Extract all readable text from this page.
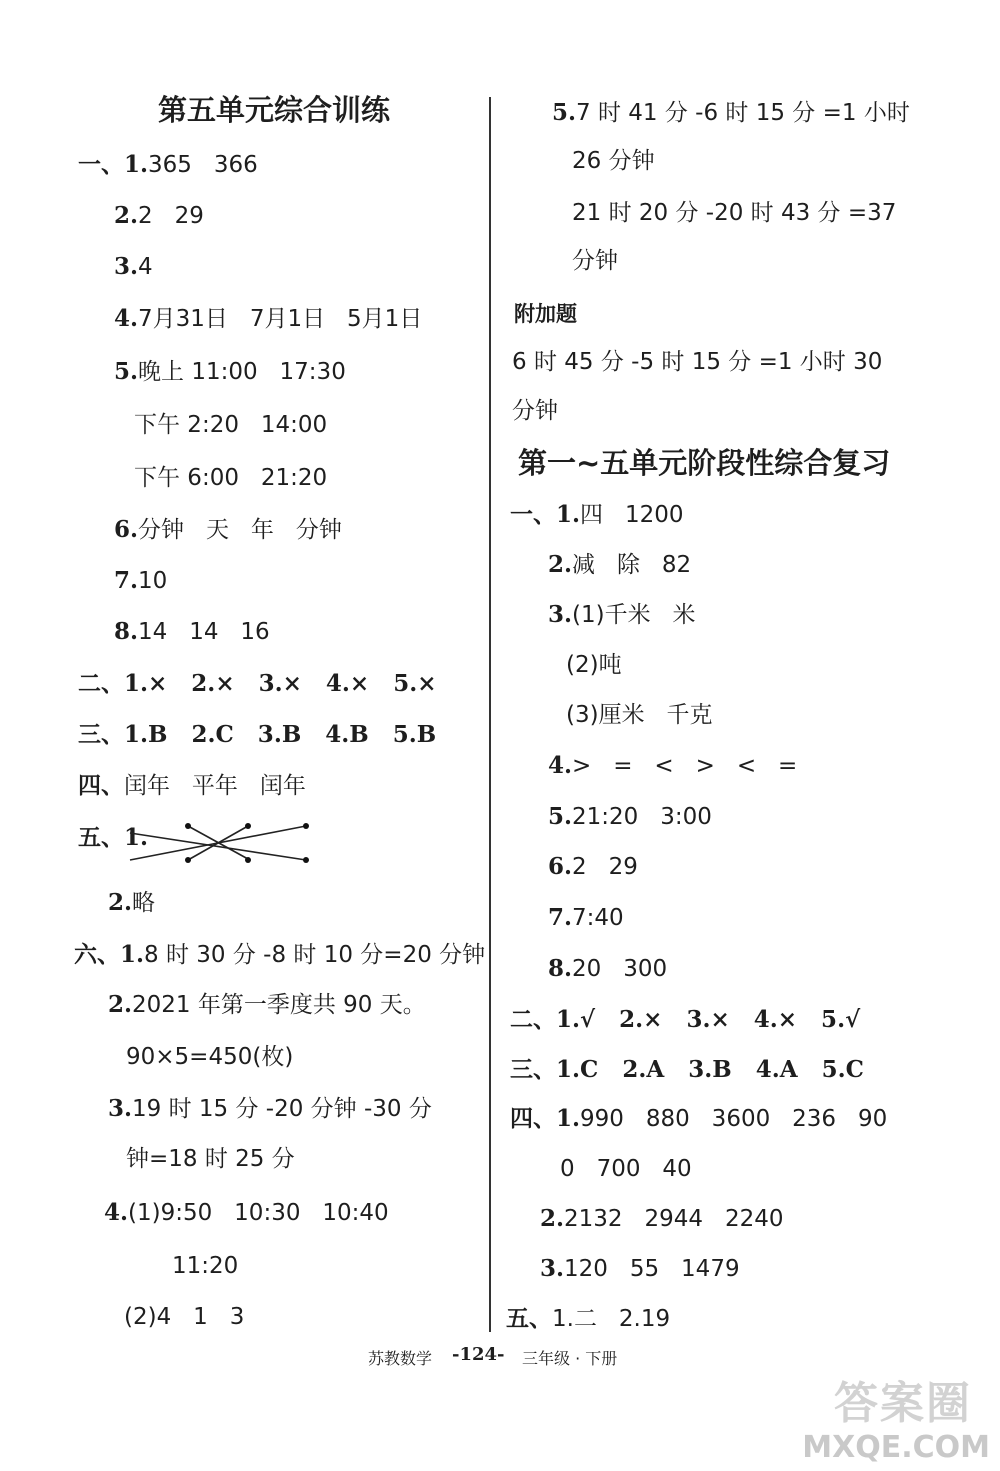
第五单元综合训练
一、1.365   366
2.2   29
3.4
4.7月31日   7月1日   5月1日
5.晚上 11:00   17:30
下午 2:20   14:00
下午 6:00   21:20
6.分钟   天   年   分钟
7.10
8.14   14   16
二、1.×   2.×   3.×   4.×   5.×
三、1.B   2.C   3.B   4.B   5.B
四、闰年   平年   闰年
五、1.
2.略
六、1.8 时 30 分 -8 时 10 分=20 分钟
2.2021 年第一季度共 90 天。
90×5=450(枚)
3.19 时 15 分 -20 分钟 -30 分
钟=18 时 25 分
4.(1)9:50   10:30   10:40
11:20
(2)4   1   3
5.7 时 41 分 -6 时 15 分 =1 小时
26 分钟
21 时 20 分 -20 时 43 分 =37
分钟
附加题
6 时 45 分 -5 时 15 分 =1 小时 30
分钟
第一~五单元阶段性综合复习
一、1.四   1200
2.减   除   82
3.(1)千米   米
(2)吨
(3)厘米   千克
4.>   =   <   >   <   =
5.21:20   3:00
6.2   29
7.7:40
8.20   300
二、1.√   2.×   3.×   4.×   5.√
三、1.C   2.A   3.B   4.A   5.C
四、1.990   880   3600   236   90
0   700   40
2.2132   2944   2240
3.120   55   1479
五、1.二   2.19
苏教数学 -124- 三年级 · 下册
答案圈
MXQE.COM
